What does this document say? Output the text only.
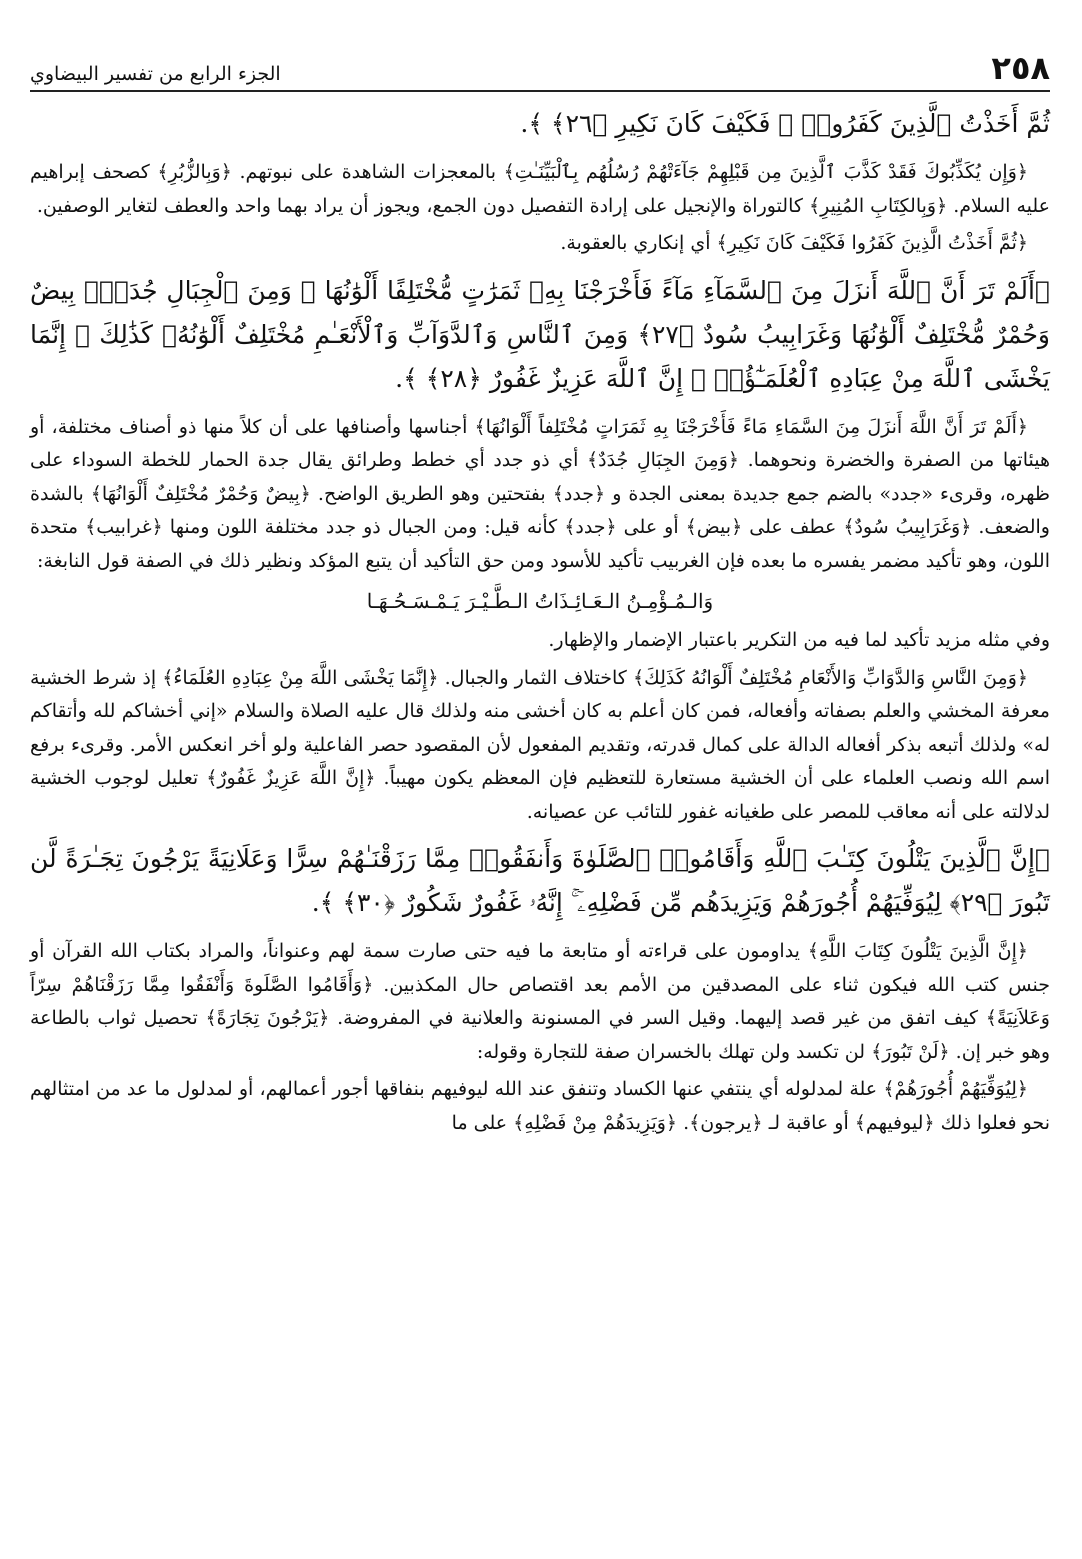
٢٥٨
الجزء الرابع من تفسير البيضاوي
ثُمَّ أَخَذْتُ ٱلَّذِينَ كَفَرُوا۟ ۖ فَكَيْفَ كَانَ نَكِيرِ ﴿٢٦﴾ ﴾.

﴿وَإِن يُكَذِّبُوكَ فَقَدْ كَذَّبَ ٱلَّذِينَ مِن قَبْلِهِمْ جَآءَتْهُمْ رُسُلُهُم بِٱلْبَيِّنَـٰتِ﴾ بالمعجزات الشاهدة على نبوتهم. ﴿وَبِالزُّبُرِ﴾ كصحف إبراهيم عليه السلام. ﴿وَبِالكِتَابِ المُنِيرِ﴾ كالتوراة والإنجيل على إرادة التفصيل دون الجمع، ويجوز أن يراد بهما واحد والعطف لتغاير الوصفين.

﴿ثُمَّ أَخَذْتُ الَّذِينَ كَفَرُوا فَكَيْفَ كَانَ نَكِيرِ﴾ أي إنكاري بالعقوبة.

﴿أَلَمْ تَرَ أَنَّ ٱللَّهَ أَنزَلَ مِنَ ٱلسَّمَآءِ مَآءً فَأَخْرَجْنَا بِهِۦ ثَمَرَٰتٍ مُّخْتَلِفًا أَلْوَٰنُهَا ۚ وَمِنَ ٱلْجِبَالِ جُدَدٌۢ بِيضٌ وَحُمْرٌ مُّخْتَلِفٌ أَلْوَٰنُهَا وَغَرَابِيبُ سُودٌ ﴿٢٧﴾ وَمِنَ ٱلنَّاسِ وَٱلدَّوَآبِّ وَٱلْأَنْعَـٰمِ مُخْتَلِفٌ أَلْوَٰنُهُۥ كَذَٰلِكَ ۗ إِنَّمَا يَخْشَى ٱللَّهَ مِنْ عِبَادِهِ ٱلْعُلَمَـٰٓؤُا۟ ۗ إِنَّ ٱللَّهَ عَزِيزٌ غَفُورٌ ﴿٢٨﴾ ﴾.

﴿أَلَمْ تَرَ أَنَّ اللَّهَ أَنزَلَ مِنَ السَّمَاءِ مَاءً فَأَخْرَجْنَا بِهِ ثَمَرَاتٍ مُخْتَلِفاً أَلْوَانُهَا﴾ أجناسها وأصنافها على أن كلاً منها ذو أصناف مختلفة، أو هيئاتها من الصفرة والخضرة ونحوهما. ﴿وَمِنَ الجِبَالِ جُدَدٌ﴾ أي ذو جدد أي خطط وطرائق يقال جدة الحمار للخطة السوداء على ظهره، وقرىء «جدد» بالضم جمع جديدة بمعنى الجدة و ﴿جدد﴾ بفتحتين وهو الطريق الواضح. ﴿بِيضٌ وَحُمْرٌ مُخْتَلِفٌ أَلْوَانُهَا﴾ بالشدة والضعف. ﴿وَغَرَابِيبُ سُودٌ﴾ عطف على ﴿بيض﴾ أو على ﴿جدد﴾ كأنه قيل: ومن الجبال ذو جدد مختلفة اللون ومنها ﴿غرابيب﴾ متحدة اللون، وهو تأكيد مضمر يفسره ما بعده فإن الغربيب تأكيد للأسود ومن حق التأكيد أن يتبع المؤكد ونظير ذلك في الصفة قول النابغة:

وَالـمُـؤْمِـنُ الـعَـائِـذَاتُ الـطَّـيْـرَ يَـمْـسَـحُـهَـا

وفي مثله مزيد تأكيد لما فيه من التكرير باعتبار الإضمار والإظهار.

﴿وَمِنَ النَّاسِ وَالدَّوَابِّ وَالأَنْعَامِ مُخْتَلِفٌ أَلْوَانُهُ كَذَلِكَ﴾ كاختلاف الثمار والجبال. ﴿إِنَّمَا يَخْشَى اللَّهَ مِنْ عِبَادِهِ العُلَمَاءُ﴾ إذ شرط الخشية معرفة المخشي والعلم بصفاته وأفعاله، فمن كان أعلم به كان أخشى منه ولذلك قال عليه الصلاة والسلام «إني أخشاكم لله وأتقاكم له» ولذلك أتبعه بذكر أفعاله الدالة على كمال قدرته، وتقديم المفعول لأن المقصود حصر الفاعلية ولو أخر انعكس الأمر. وقرىء برفع اسم الله ونصب العلماء على أن الخشية مستعارة للتعظيم فإن المعظم يكون مهيباً. ﴿إِنَّ اللَّهَ عَزِيزٌ غَفُورٌ﴾ تعليل لوجوب الخشية لدلالته على أنه معاقب للمصر على طغيانه غفور للتائب عن عصيانه.

﴿إِنَّ ٱلَّذِينَ يَتْلُونَ كِتَـٰبَ ٱللَّهِ وَأَقَامُوا۟ ٱلصَّلَوٰةَ وَأَنفَقُوا۟ مِمَّا رَزَقْنَـٰهُمْ سِرًّا وَعَلَانِيَةً يَرْجُونَ تِجَـٰرَةً لَّن تَبُورَ ﴿٢٩﴾ لِيُوَفِّيَهُمْ أُجُورَهُمْ وَيَزِيدَهُم مِّن فَضْلِهِۦٓ ۚ إِنَّهُۥ غَفُورٌ شَكُورٌ ﴿٣٠﴾ ﴾.

﴿إِنَّ الَّذِينَ يَتْلُونَ كِتَابَ اللَّهِ﴾ يداومون على قراءته أو متابعة ما فيه حتى صارت سمة لهم وعنواناً، والمراد بكتاب الله القرآن أو جنس كتب الله فيكون ثناء على المصدقين من الأمم بعد اقتصاص حال المكذبين. ﴿وَأَقَامُوا الصَّلَوةَ وَأَنْفَقُوا مِمَّا رَزَقْنَاهُمْ سِرّاً وَعَلاَنِيَةً﴾ كيف اتفق من غير قصد إليهما. وقيل السر في المسنونة والعلانية في المفروضة. ﴿يَرْجُونَ تِجَارَةً﴾ تحصيل ثواب بالطاعة وهو خبر إن. ﴿لَنْ تَبُورَ﴾ لن تكسد ولن تهلك بالخسران صفة للتجارة وقوله:

﴿لِيُوَفِّيَهُمْ أُجُورَهُمْ﴾ علة لمدلوله أي ينتفي عنها الكساد وتنفق عند الله ليوفيهم بنفاقها أجور أعمالهم، أو لمدلول ما عد من امتثالهم نحو فعلوا ذلك ﴿ليوفيهم﴾ أو عاقبة لـ ﴿يرجون﴾. ﴿وَيَزِيدَهُمْ مِنْ فَضْلِهِ﴾ على ما
